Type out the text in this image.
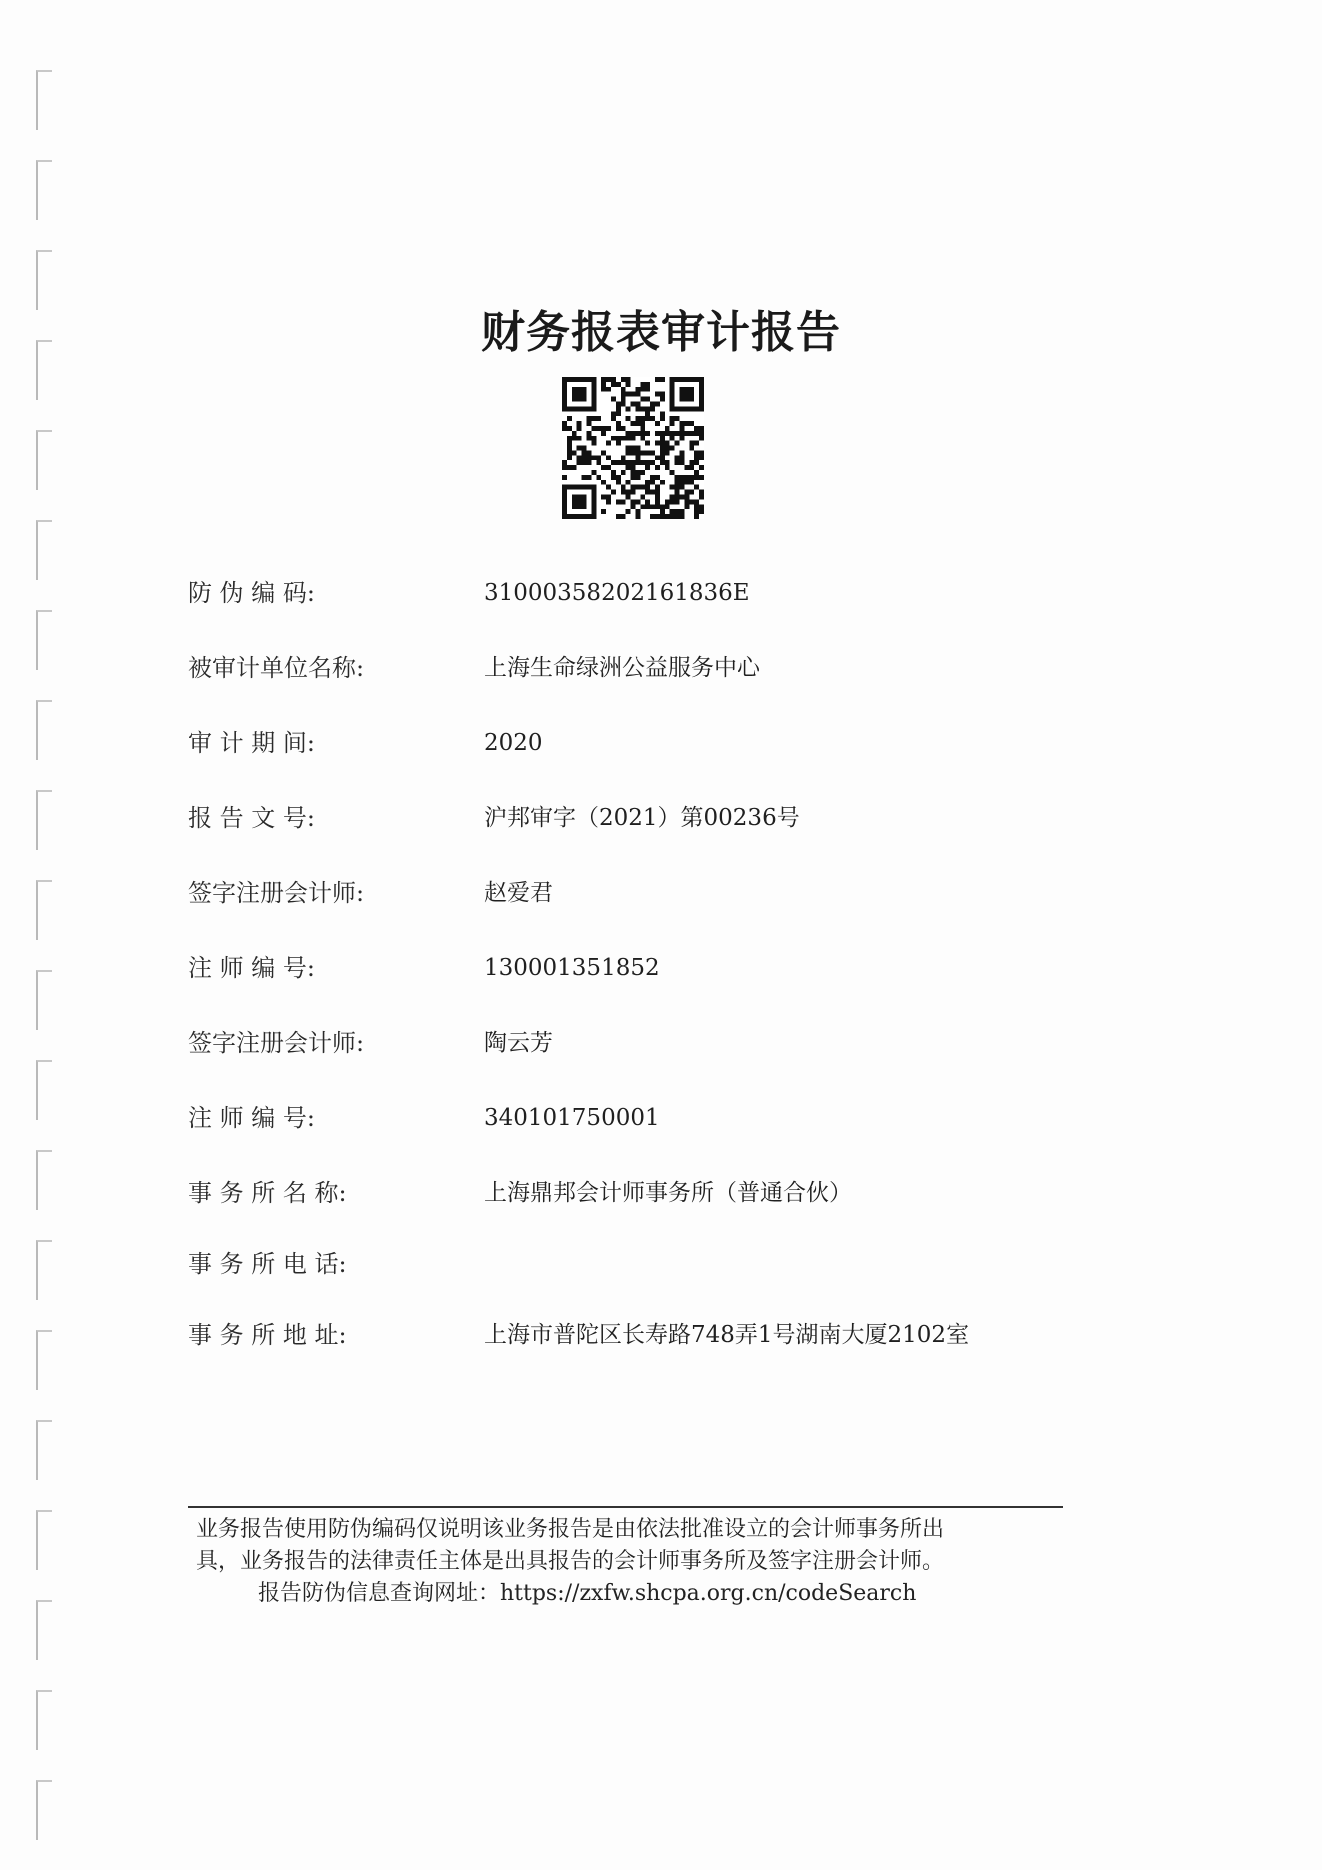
财务报表审计报告
防 伪 编 码:	31000358202161836E
被审计单位名称:	上海生命绿洲公益服务中心
审 计 期 间:	2020
报 告 文 号:	沪邦审字（2021）第00236号
签字注册会计师:	赵爱君
注 师 编 号:	130001351852
签字注册会计师:	陶云芳
注 师 编 号:	340101750001
事 务 所 名 称:	上海鼎邦会计师事务所（普通合伙）
事 务 所 电 话:
事 务 所 地 址:	上海市普陀区长寿路748弄1号湖南大厦2102室
业务报告使用防伪编码仅说明该业务报告是由依法批准设立的会计师事务所出
具，业务报告的法律责任主体是出具报告的会计师事务所及签字注册会计师。
报告防伪信息查询网址：https://zxfw.shcpa.org.cn/codeSearch
